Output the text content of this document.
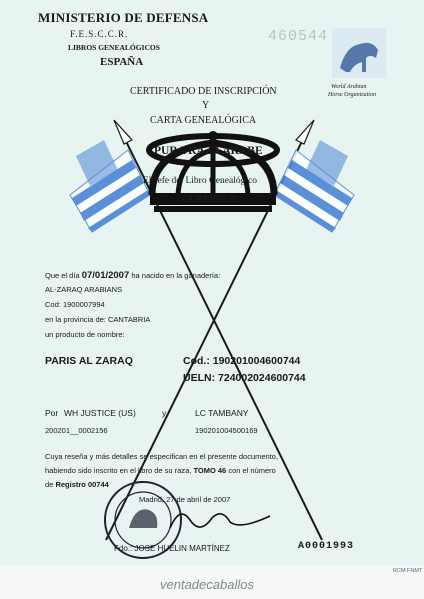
MINISTERIO DE DEFENSA
F.E.S.C.C.R.
LIBROS GENEALÓGICOS
ESPAÑA
460544
World Arabian
Horse Organization
CERTIFICADO DE INSCRIPCIÓN
Y
CARTA GENEALÓGICA
PURA RAZA ARABE
El Jefe del Libro Genealógico
CERTIFICA:
Que el día 07/01/2007 ha nacido en la ganadería:
AL-ZARAQ ARABIANS
Cod: 1900007994
en la provincia de: CANTABRIA
un producto de nombre:
PARIS AL ZARAQ	Cod.: 190201004600744
UELN: 724002024600744
Por WH JUSTICE (US)	y	LC TAMBANY
200201__0002156	190201004500169
Cuya reseña y más detalles se especifican en el presente documento,
habiendo sido inscrito en el libro de su raza, TOMO 46 con el número
de Registro 00744
Madrid, 27 de abril de 2007
Fdo.: JOSE HUELIN MARTÍNEZ	A0001993
ventadecaballos
RCM FNMT
